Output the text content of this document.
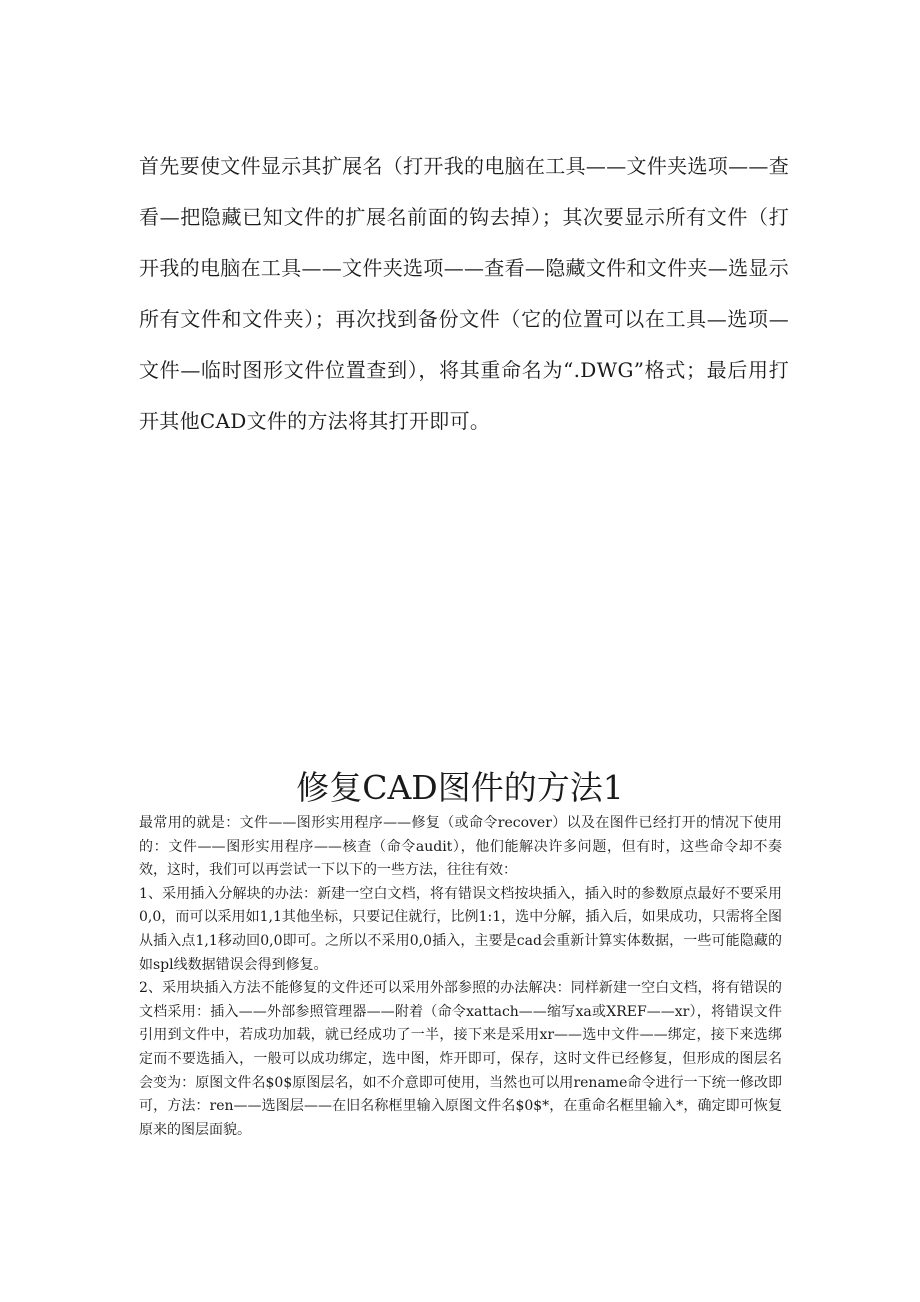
首先要使文件显示其扩展名（打开我的电脑在工具——文件夹选项——查看—把隐藏已知文件的扩展名前面的钩去掉）；其次要显示所有文件（打开我的电脑在工具——文件夹选项——查看—隐藏文件和文件夹—选显示所有文件和文件夹）；再次找到备份文件（它的位置可以在工具—选项—文件—临时图形文件位置查到），将其重命名为“.DWG”格式；最后用打开其他CAD文件的方法将其打开即可。

修复CAD图件的方法1

最常用的就是：文件——图形实用程序——修复（或命令recover）以及在图件已经打开的情况下使用的：文件——图形实用程序——核查（命令audit），他们能解决许多问题，但有时，这些命令却不奏效，这时，我们可以再尝试一下以下的一些方法，往往有效：

1、采用插入分解块的办法：新建一空白文档，将有错误文档按块插入，插入时的参数原点最好不要采用0,0，而可以采用如1,1其他坐标，只要记住就行，比例1:1，选中分解，插入后，如果成功，只需将全图从插入点1,1移动回0,0即可。之所以不采用0,0插入，主要是cad会重新计算实体数据，一些可能隐藏的如spl线数据错误会得到修复。

2、采用块插入方法不能修复的文件还可以采用外部参照的办法解决：同样新建一空白文档，将有错误的文档采用：插入——外部参照管理器——附着（命令xattach——缩写xa或XREF——xr），将错误文件引用到文件中，若成功加载，就已经成功了一半，接下来是采用xr——选中文件——绑定，接下来选绑定而不要选插入，一般可以成功绑定，选中图，炸开即可，保存，这时文件已经修复，但形成的图层名会变为：原图文件名$0$原图层名，如不介意即可使用，当然也可以用rename命令进行一下统一修改即可，方法：ren——选图层——在旧名称框里输入原图文件名$0$*，在重命名框里输入*，确定即可恢复原来的图层面貌。
